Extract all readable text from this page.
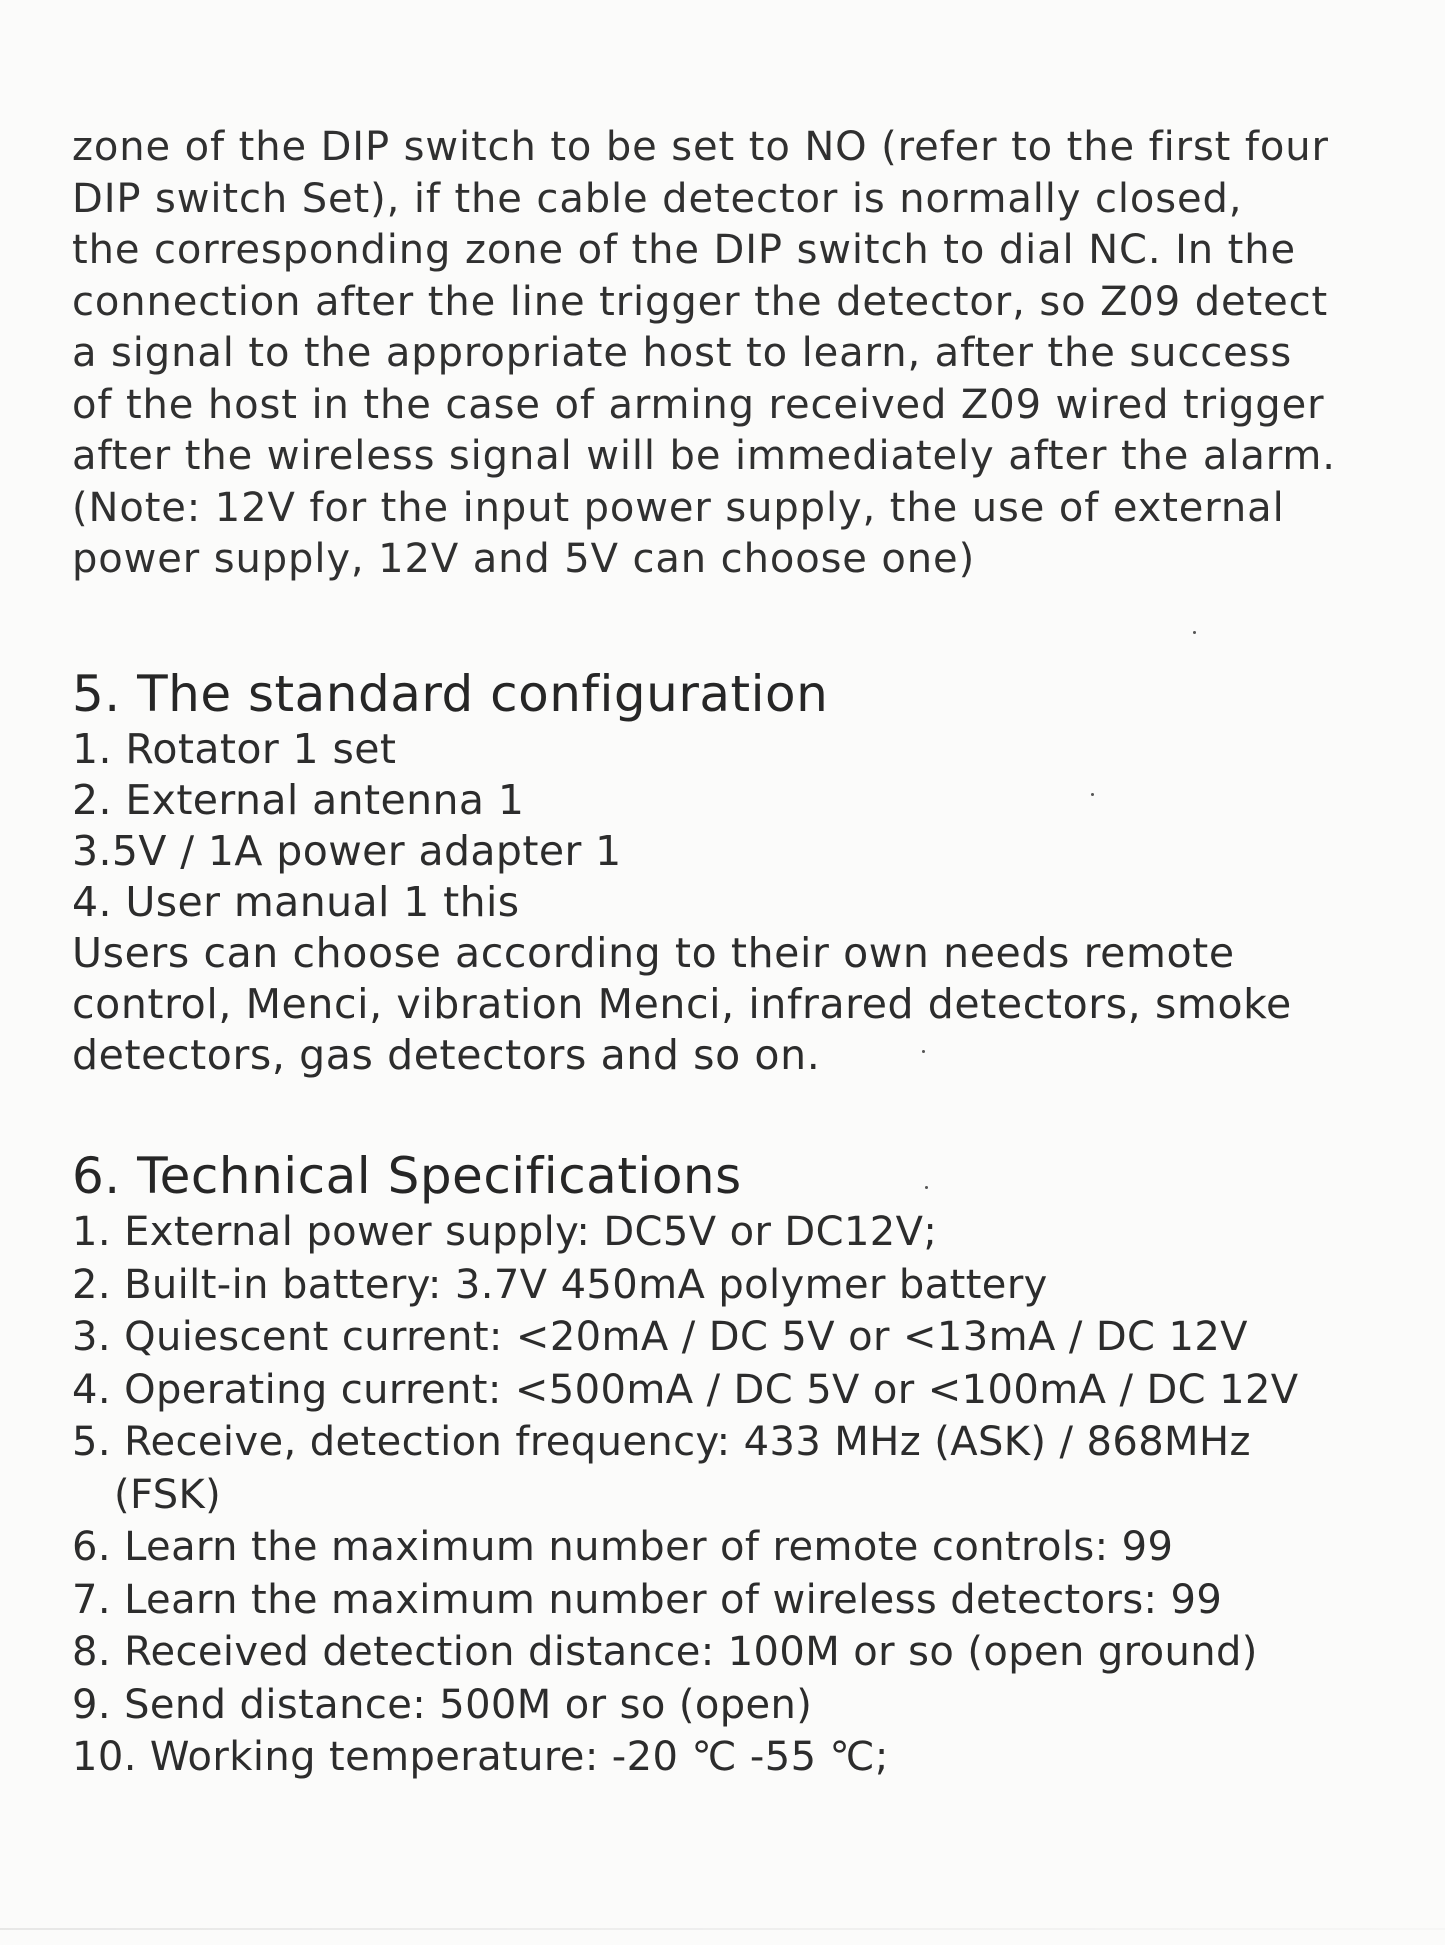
zone of the DIP switch to be set to NO (refer to the first four
DIP switch Set), if the cable detector is normally closed,
the corresponding zone of the DIP switch to dial NC. In the
connection after the line trigger the detector, so Z09 detect
a signal to the appropriate host to learn, after the success
of the host in the case of arming received Z09 wired trigger
after the wireless signal will be immediately after the alarm.
(Note: 12V for the input power supply, the use of external
power supply, 12V and 5V can choose one)
5. The standard configuration
1. Rotator 1 set
2. External antenna 1
3.5V / 1A power adapter 1
4. User manual 1 this
Users can choose according to their own needs remote
control, Menci, vibration Menci, infrared detectors, smoke
detectors, gas detectors and so on.
6. Technical Specifications
1. External power supply: DC5V or DC12V;
2. Built-in battery: 3.7V 450mA polymer battery
3. Quiescent current: <20mA / DC 5V or <13mA / DC 12V
4. Operating current: <500mA / DC 5V or <100mA / DC 12V
5. Receive, detection frequency: 433 MHz (ASK) / 868MHz
(FSK)
6. Learn the maximum number of remote controls: 99
7. Learn the maximum number of wireless detectors: 99
8. Received detection distance: 100M or so (open ground)
9. Send distance: 500M or so (open)
10. Working temperature: -20 ℃ -55 ℃;
